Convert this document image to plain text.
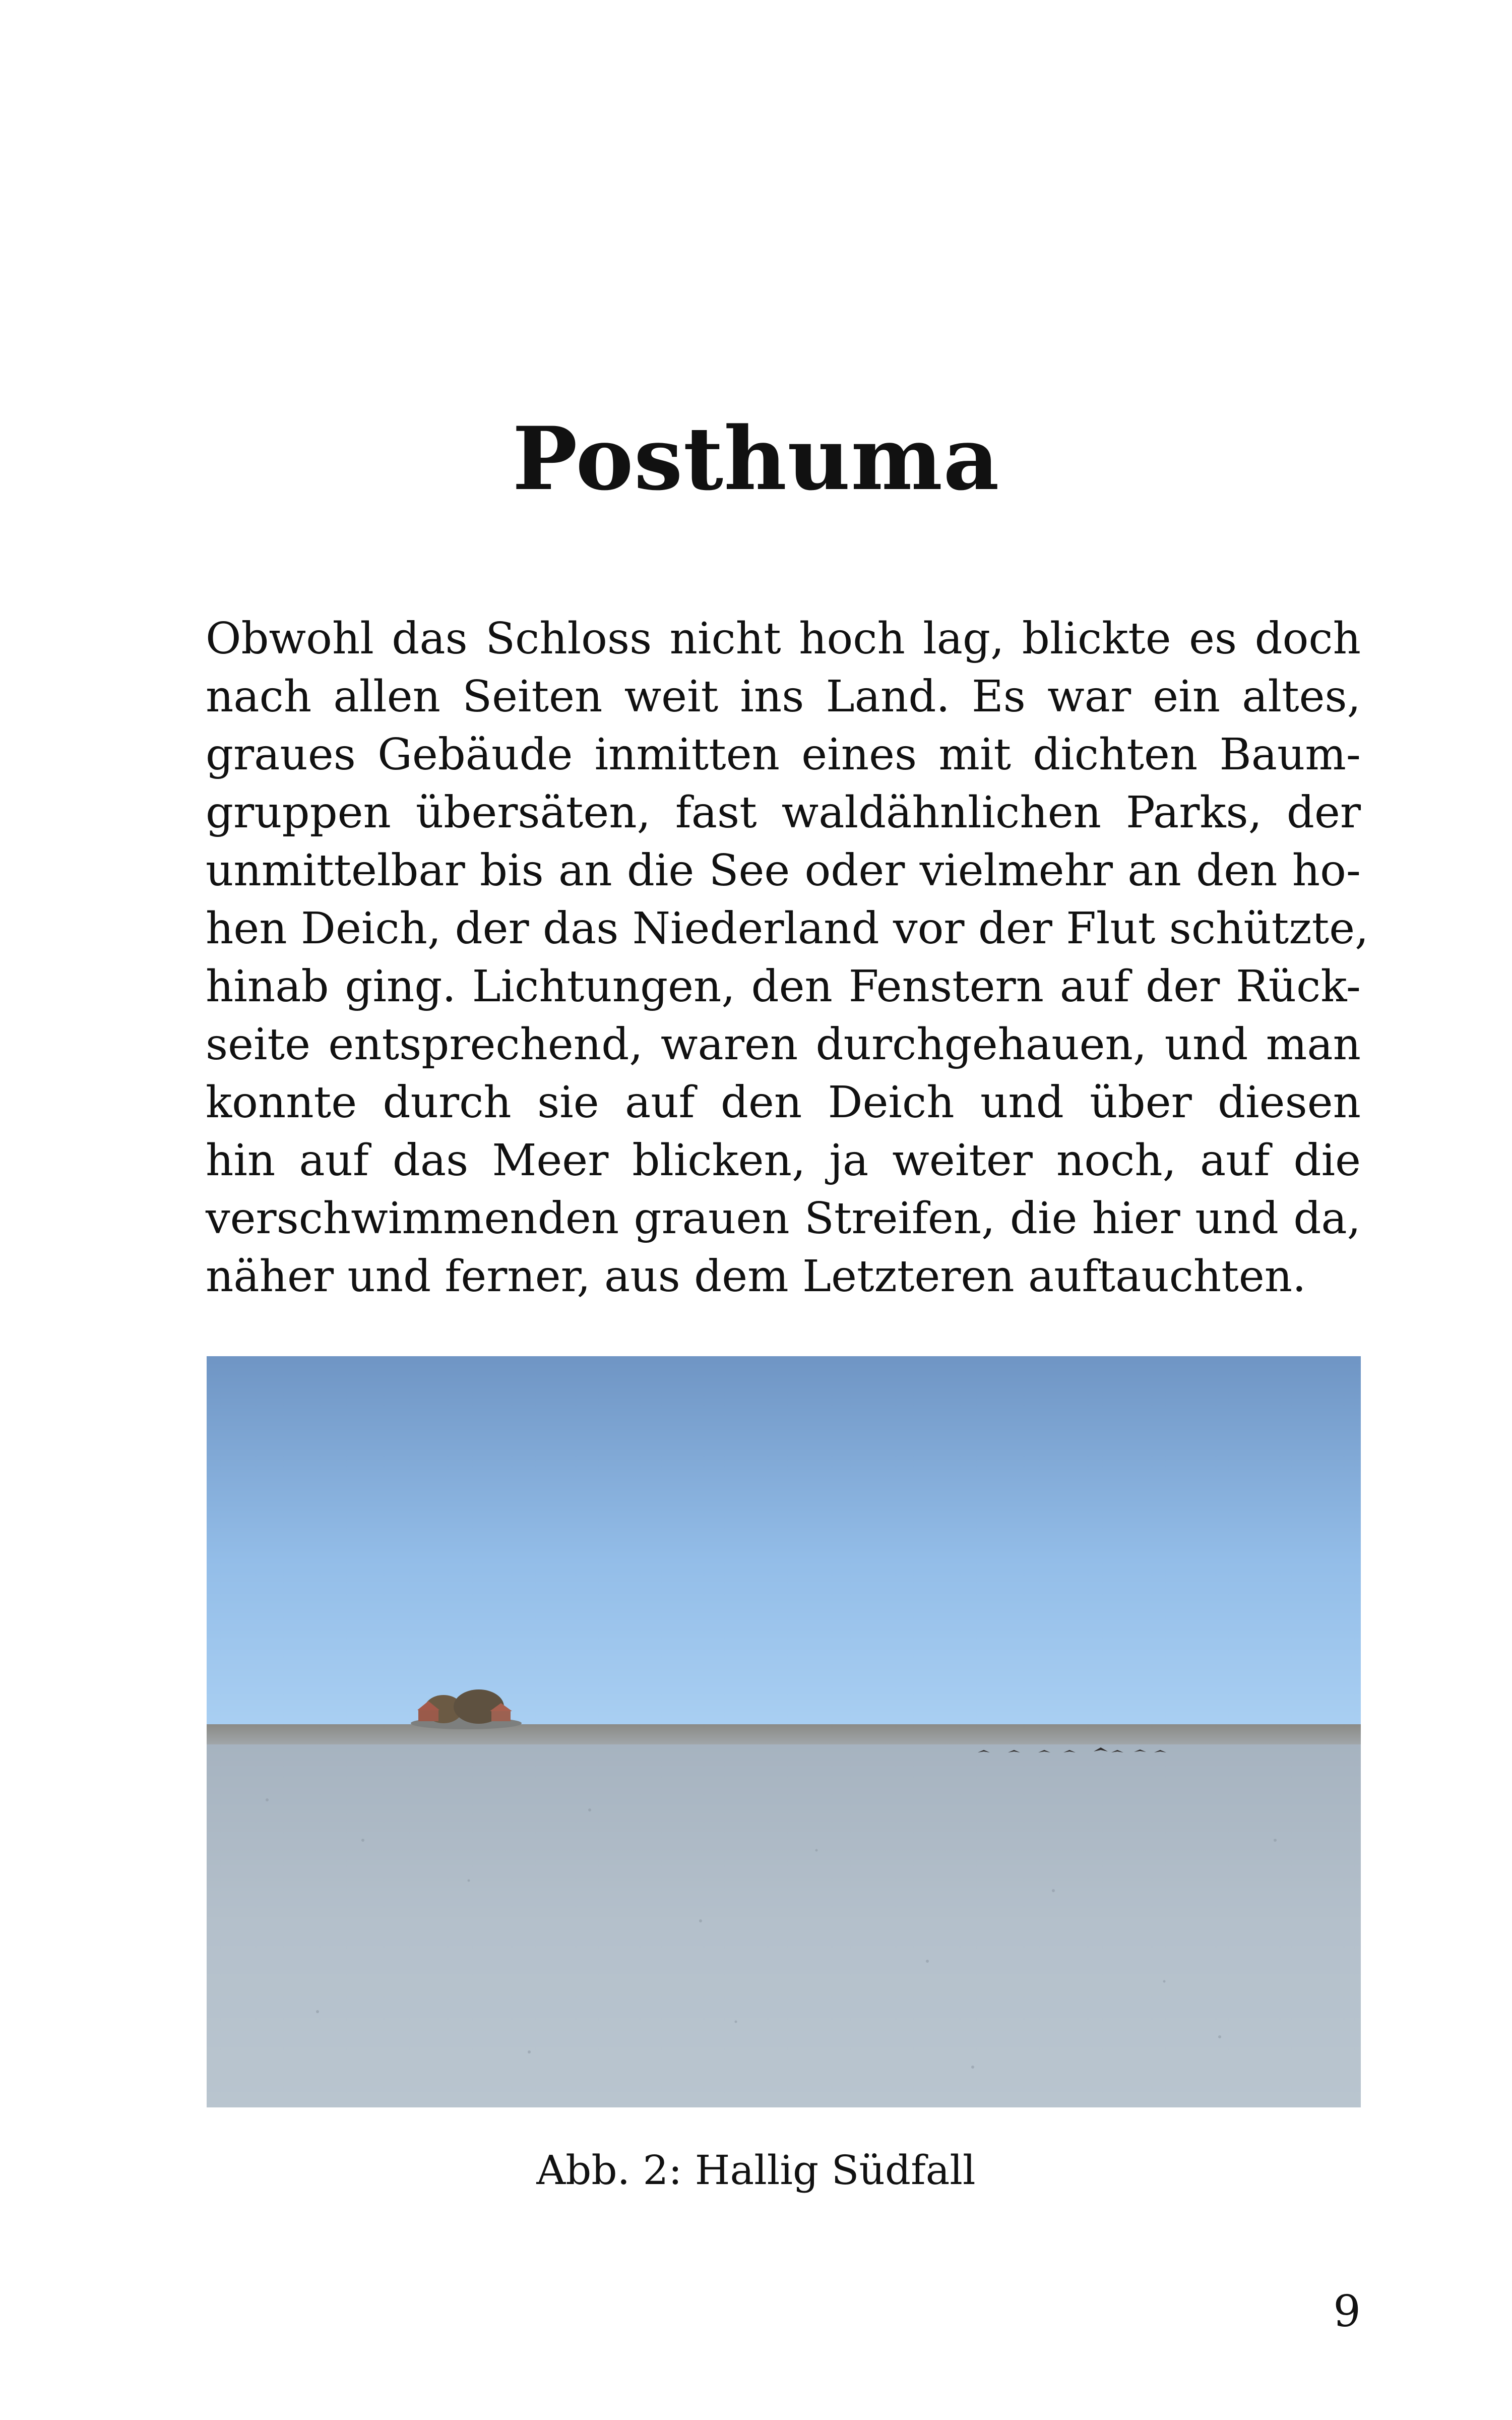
Posthuma
Obwohl das Schloss nicht hoch lag, blickte es doch
nach allen Seiten weit ins Land. Es war ein altes,
graues Gebäude inmitten eines mit dichten Baum-
gruppen übersäten, fast waldähnlichen Parks, der
unmittelbar bis an die See oder vielmehr an den ho-
hen Deich, der das Niederland vor der Flut schützte,
hinab ging. Lichtungen, den Fenstern auf der Rück-
seite entsprechend, waren durchgehauen, und man
konnte durch sie auf den Deich und über diesen
hin auf das Meer blicken, ja weiter noch, auf die
verschwimmenden grauen Streifen, die hier und da,
näher und ferner, aus dem Letzteren auftauchten.
Abb. 2: Hallig Südfall
9
